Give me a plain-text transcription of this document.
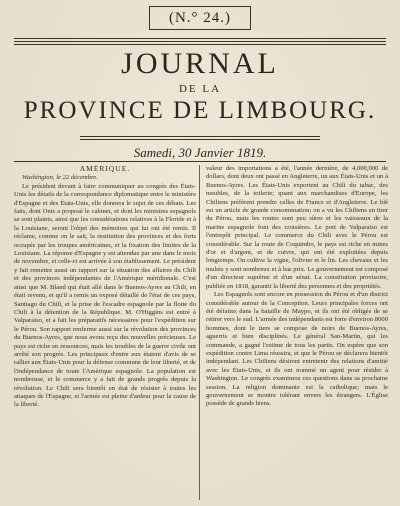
(N.° 24.)
JOURNAL
DE LA
PROVINCE DE LIMBOURG.
Samedi, 30 Janvier 1819.

AMÉRIQUE.

Washington, le 22 décembre.

Le président devant à faire communiquer au congrès des États-Unis les détails de la correspondance diplomatique entre le ministère d'Espagne et des États-Unis, elle donnera le sujet de ces débats. Les faits, dont Onis a proposé le cabinet, et dont les ministres espagnols se sont plaints, ainsi que les considérations relatives à la Floride et à la Louisiane, seront l'objet des mémoires qui lui ont été remis. Il réclame, comme on le sait, la restitution des provinces et des forts occupés par les troupes américaines, et la fixation des limites de la Louisiane. La réponse d'Espagne y est attendue par une dans le mois de novembre, et celle-ci est arrivée à son établissement. Le président y fait remettre aussi un rapport sur la situation des affaires du Chili et des provinces indépendantes de l'Amérique méridionale. C'est ainsi que M. Bland qui était allé dans le Buenos-Ayres au Chili, en était revenu, et qu'il a remis un exposé détaillé de l'état de ces pays, Santiago du Chili, et la prise de l'escadre espagnole par la flotte du Chili à la détention de la République. M. O'Higgins est entré à Valparaiso, et a fait les préparatifs nécessaires pour l'expédition sur le Pérou. Son rapport renferme aussi sur la révolution des provinces du Buenos-Ayres, que nous avons reçu des nouvelles précieuses. Le pays est riche en ressources, mais les troubles de la guerre civile ont arrêté son progrès. Les principaux d'entre eux étaient d'avis de se rallier aux États-Unis pour la défense commune de leur liberté, et de l'indépendance de toute l'Amérique espagnole. La population est nombreuse, et le commerce y a fait de grands progrès depuis la révolution. Le Chili sera bientôt en état de résister à toutes les attaques de l'Espagne, et l'armée est pleine d'ardeur pour la cause de la liberté.

valeur des importations a été, l'année dernière, de 4,000,000 de dollars, dont deux ont passé en Angleterre, un aux États-Unis et un à Buenos-Ayres. Les États-Unis exportent au Chili du tabac, des meubles, de la toilerie; quant aux marchandises d'Europe, les Chiliens préfèrent prendre celles de France et d'Angleterre. Le blé est un article de grande consommation; on a vu les Chiliens en tirer du Pérou, mais les routes sont peu sûres et les vaisseaux de la marine espagnole font des croisières. Le port de Valparaiso est l'entrepôt principal. Le commerce du Chili avec le Pérou est considérable. Sur la route de Coquimbo, le pays est riche en mines d'or et d'argent, et de cuivre, qui ont été exploitées depuis longtemps. On cultive la vigne, l'olivier et le lin. Les chevaux et les mulets y sont nombreux et à bas prix. Le gouvernement est composé d'un directeur suprême et d'un sénat. La constitution provisoire, publiée en 1818, garantit la liberté des personnes et des propriétés.

Les Espagnols sont encore en possession du Pérou et d'un district considérable autour de la Conception. Leurs principales forces ont été défaites dans la bataille de Maypo, et ils ont été obligés de se retirer vers le sud. L'armée des indépendants est forte d'environ 8000 hommes, dont le tiers se compose de noirs de Buenos-Ayres, aguerris et bien disciplinés. Le général San-Martin, qui les commande, a gagné l'estime de tous les partis. On espère que son expédition contre Lima réussira, et que le Pérou se déclarera bientôt indépendant. Les Chiliens désirent entretenir des relations d'amitié avec les États-Unis, et ils ont nommé un agent pour résider à Washington. Le congrès examinera ces questions dans sa prochaine session. La religion dominante est la catholique; mais le gouvernement se montre tolérant envers les étrangers. L'Église possède de grands biens.
